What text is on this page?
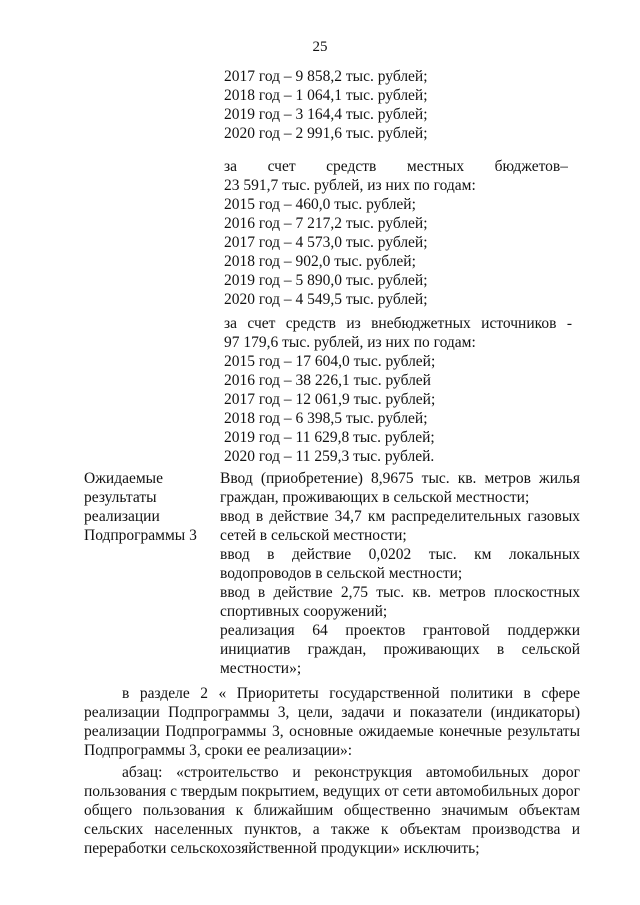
25
2017 год – 9 858,2 тыс. рублей;
2018 год – 1 064,1 тыс. рублей;
2019 год – 3 164,4 тыс. рублей;
2020 год – 2 991,6 тыс. рублей;
за счет средств местных бюджетов–
23 591,7 тыс. рублей, из них по годам:
2015 год – 460,0 тыс. рублей;
2016 год – 7 217,2 тыс. рублей;
2017 год – 4 573,0 тыс. рублей;
2018 год – 902,0 тыс. рублей;
2019 год – 5 890,0 тыс. рублей;
2020 год – 4 549,5 тыс. рублей;
за счет средств из внебюджетных источников -
97 179,6 тыс. рублей, из них по годам:
2015 год – 17 604,0 тыс. рублей;
2016 год – 38 226,1 тыс. рублей
2017 год – 12 061,9 тыс. рублей;
2018 год – 6 398,5 тыс. рублей;
2019 год – 11 629,8 тыс. рублей;
2020 год – 11 259,3 тыс. рублей.
Ожидаемые
результаты
реализации
Подпрограммы 3
Ввод (приобретение) 8,9675 тыс. кв. метров жилья
граждан, проживающих в сельской местности;
ввод в действие 34,7 км распределительных газовых
сетей в сельской местности;
ввод в действие 0,0202 тыс. км локальных
водопроводов в сельской местности;
ввод в действие 2,75 тыс. кв. метров плоскостных
спортивных сооружений;
реализация 64 проектов грантовой поддержки
инициатив граждан, проживающих в сельской
местности»;
в разделе 2 « Приоритеты государственной политики в сфере
реализации Подпрограммы 3, цели, задачи и показатели (индикаторы)
реализации Подпрограммы 3, основные ожидаемые конечные результаты
Подпрограммы 3, сроки ее реализации»:
абзац: «строительство и реконструкция автомобильных дорог
пользования с твердым покрытием, ведущих от сети автомобильных дорог
общего пользования к ближайшим общественно значимым объектам
сельских населенных пунктов, а также к объектам производства и
переработки сельскохозяйственной продукции» исключить;
